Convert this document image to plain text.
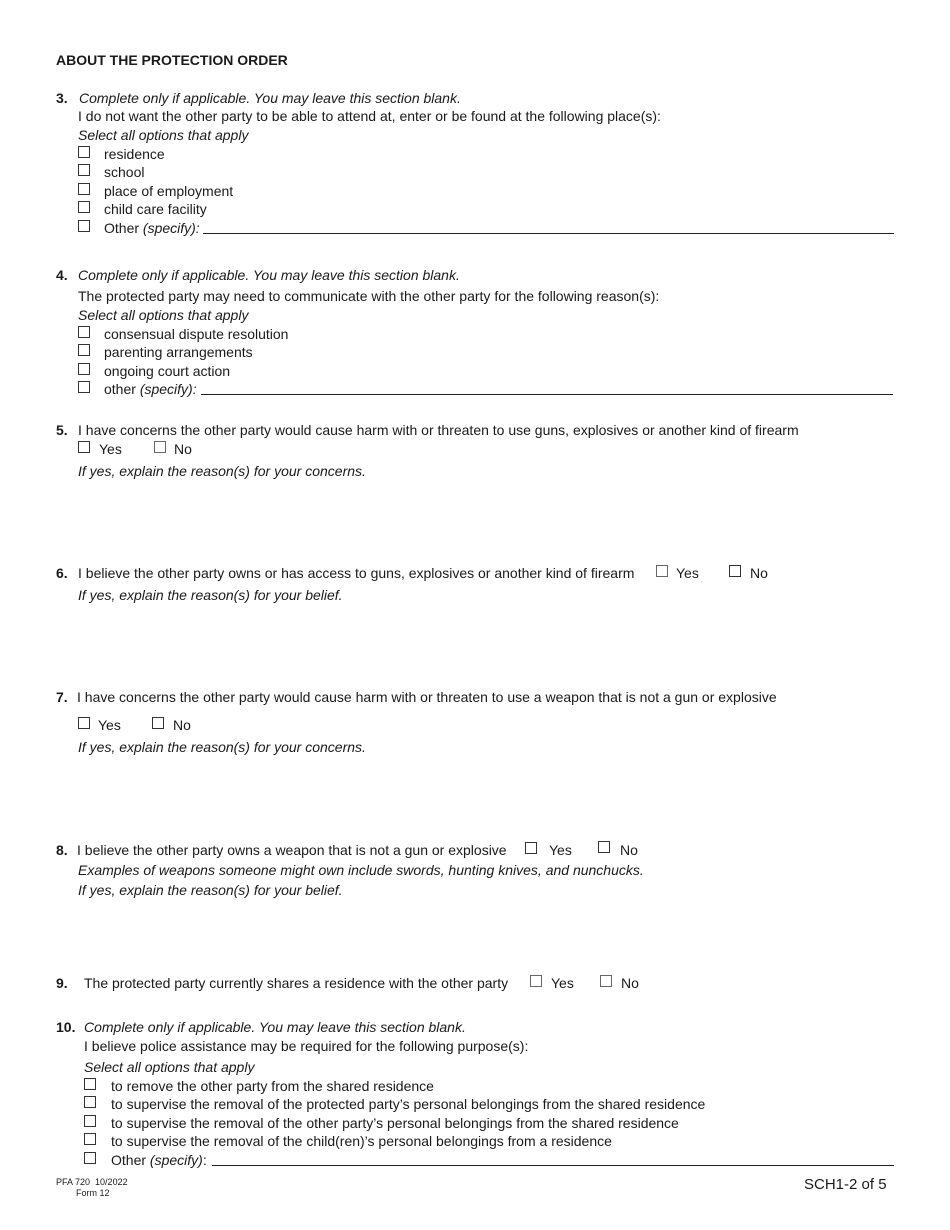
ABOUT THE PROTECTION ORDER
3. Complete only if applicable. You may leave this section blank.
I do not want the other party to be able to attend at, enter or be found at the following place(s):
Select all options that apply
residence
school
place of employment
child care facility
Other (specify):
4. Complete only if applicable. You may leave this section blank.
The protected party may need to communicate with the other party for the following reason(s):
Select all options that apply
consensual dispute resolution
parenting arrangements
ongoing court action
other (specify):
5. I have concerns the other party would cause harm with or threaten to use guns, explosives or another kind of firearm
Yes	No
If yes, explain the reason(s) for your concerns.
6. I believe the other party owns or has access to guns, explosives or another kind of firearm	Yes	No
If yes, explain the reason(s) for your belief.
7. I have concerns the other party would cause harm with or threaten to use a weapon that is not a gun or explosive
Yes	No
If yes, explain the reason(s) for your concerns.
8. I believe the other party owns a weapon that is not a gun or explosive	Yes	No
Examples of weapons someone might own include swords, hunting knives, and nunchucks.
If yes, explain the reason(s) for your belief.
9. The protected party currently shares a residence with the other party	Yes	No
10. Complete only if applicable. You may leave this section blank.
I believe police assistance may be required for the following purpose(s):
Select all options that apply
to remove the other party from the shared residence
to supervise the removal of the protected party’s personal belongings from the shared residence
to supervise the removal of the other party’s personal belongings from the shared residence
to supervise the removal of the child(ren)’s personal belongings from a residence
Other (specify):
PFA 720 10/2022
Form 12	SCH1-2 of 5
